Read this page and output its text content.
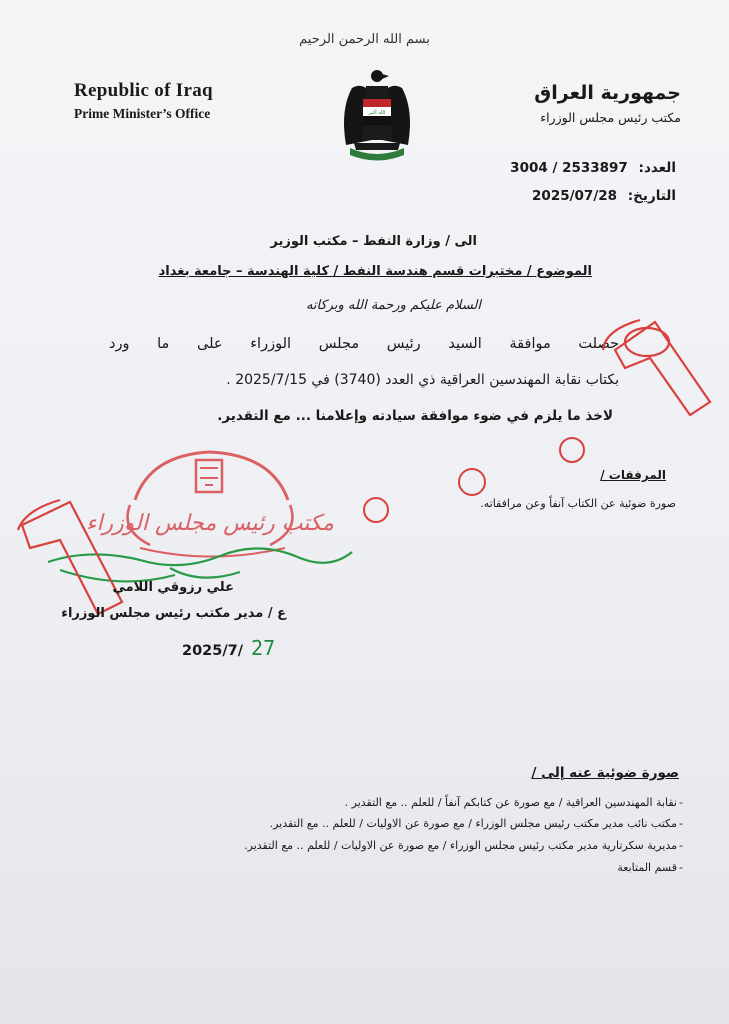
بسم الله الرحمن الرحيم
Republic of Iraq
Prime Minister’s Office
جمهورية العراق
مكتب رئيس مجلس الوزراء
الله أكبر
العدد: 3004 / 2533897
التاريخ: 2025/07/28
الى / وزارة النفط – مكتب الوزير
الموضوع / مختبرات قسم هندسة النفط / كلية الهندسة – جامعة بغداد
السلام عليكم ورحمة الله وبركاته
حصلت موافقة السيد رئيس مجلس الوزراء على ما ورد
بكتاب نقابة المهندسين العراقية ذي العدد (3740) في 2025/7/15 .
لاخذ ما يلزم في ضوء موافقة سيادته وإعلامنا ... مع التقدير.
المرفقات /
صورة ضوئية عن الكتاب آنفاً وعن مرافقاته.
مكتب رئيس مجلس الوزراء
علي رزوقي اللامي
ع / مدير مكتب رئيس مجلس الوزراء
2025/7/ 27
صورة ضوئية عنه إلى /
- نقابة المهندسين العراقية / مع صورة عن كتابكم آنفاً / للعلم .. مع التقدير .
- مكتب نائب مدير مكتب رئيس مجلس الوزراء / مع صورة عن الاوليات / للعلم .. مع التقدير.
- مديرية سكرتارية مدير مكتب رئيس مجلس الوزراء / مع صورة عن الاوليات / للعلم .. مع التقدير.
- قسم المتابعة
